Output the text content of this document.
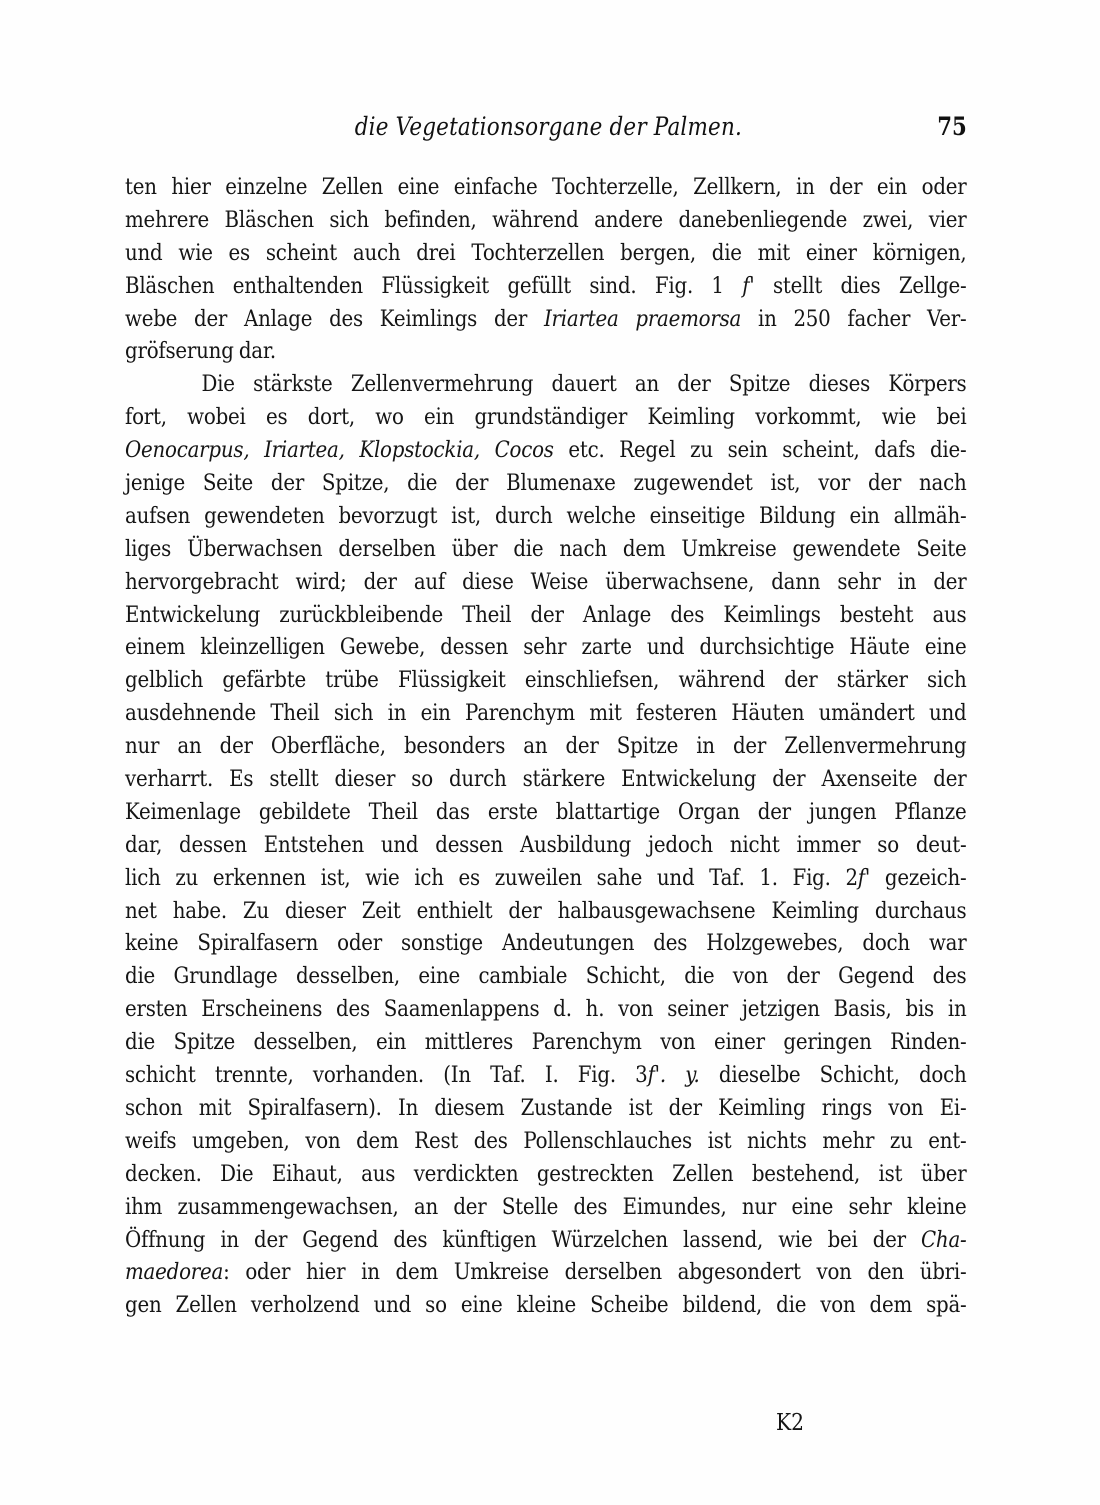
die Vegetationsorgane der Palmen.	75
ten hier einzelne Zellen eine einfache Tochterzelle, Zellkern, in der ein oder
mehrere Bläschen sich befinden, während andere danebenliegende zwei, vier
und wie es scheint auch drei Tochterzellen bergen, die mit einer körnigen,
Bläschen enthaltenden Flüssigkeit gefüllt sind. Fig. 1 f' stellt dies Zellge-
webe der Anlage des Keimlings der Iriartea praemorsa in 250 facher Ver-
gröfserung dar.
Die stärkste Zellenvermehrung dauert an der Spitze dieses Körpers
fort, wobei es dort, wo ein grundständiger Keimling vorkommt, wie bei
Oenocarpus, Iriartea, Klopstockia, Cocos etc. Regel zu sein scheint, dafs die-
jenige Seite der Spitze, die der Blumenaxe zugewendet ist, vor der nach
aufsen gewendeten bevorzugt ist, durch welche einseitige Bildung ein allmäh-
liges Überwachsen derselben über die nach dem Umkreise gewendete Seite
hervorgebracht wird; der auf diese Weise überwachsene, dann sehr in der
Entwickelung zurückbleibende Theil der Anlage des Keimlings besteht aus
einem kleinzelligen Gewebe, dessen sehr zarte und durchsichtige Häute eine
gelblich gefärbte trübe Flüssigkeit einschliefsen, während der stärker sich
ausdehnende Theil sich in ein Parenchym mit festeren Häuten umändert und
nur an der Oberfläche, besonders an der Spitze in der Zellenvermehrung
verharrt. Es stellt dieser so durch stärkere Entwickelung der Axenseite der
Keimenlage gebildete Theil das erste blattartige Organ der jungen Pflanze
dar, dessen Entstehen und dessen Ausbildung jedoch nicht immer so deut-
lich zu erkennen ist, wie ich es zuweilen sahe und Taf. 1. Fig. 2f' gezeich-
net habe. Zu dieser Zeit enthielt der halbausgewachsene Keimling durchaus
keine Spiralfasern oder sonstige Andeutungen des Holzgewebes, doch war
die Grundlage desselben, eine cambiale Schicht, die von der Gegend des
ersten Erscheinens des Saamenlappens d. h. von seiner jetzigen Basis, bis in
die Spitze desselben, ein mittleres Parenchym von einer geringen Rinden-
schicht trennte, vorhanden. (In Taf. I. Fig. 3f'. y. dieselbe Schicht, doch
schon mit Spiralfasern). In diesem Zustande ist der Keimling rings von Ei-
weifs umgeben, von dem Rest des Pollenschlauches ist nichts mehr zu ent-
decken. Die Eihaut, aus verdickten gestreckten Zellen bestehend, ist über
ihm zusammengewachsen, an der Stelle des Eimundes, nur eine sehr kleine
Öffnung in der Gegend des künftigen Würzelchen lassend, wie bei der Cha-
maedorea: oder hier in dem Umkreise derselben abgesondert von den übri-
gen Zellen verholzend und so eine kleine Scheibe bildend, die von dem spä-
K2
